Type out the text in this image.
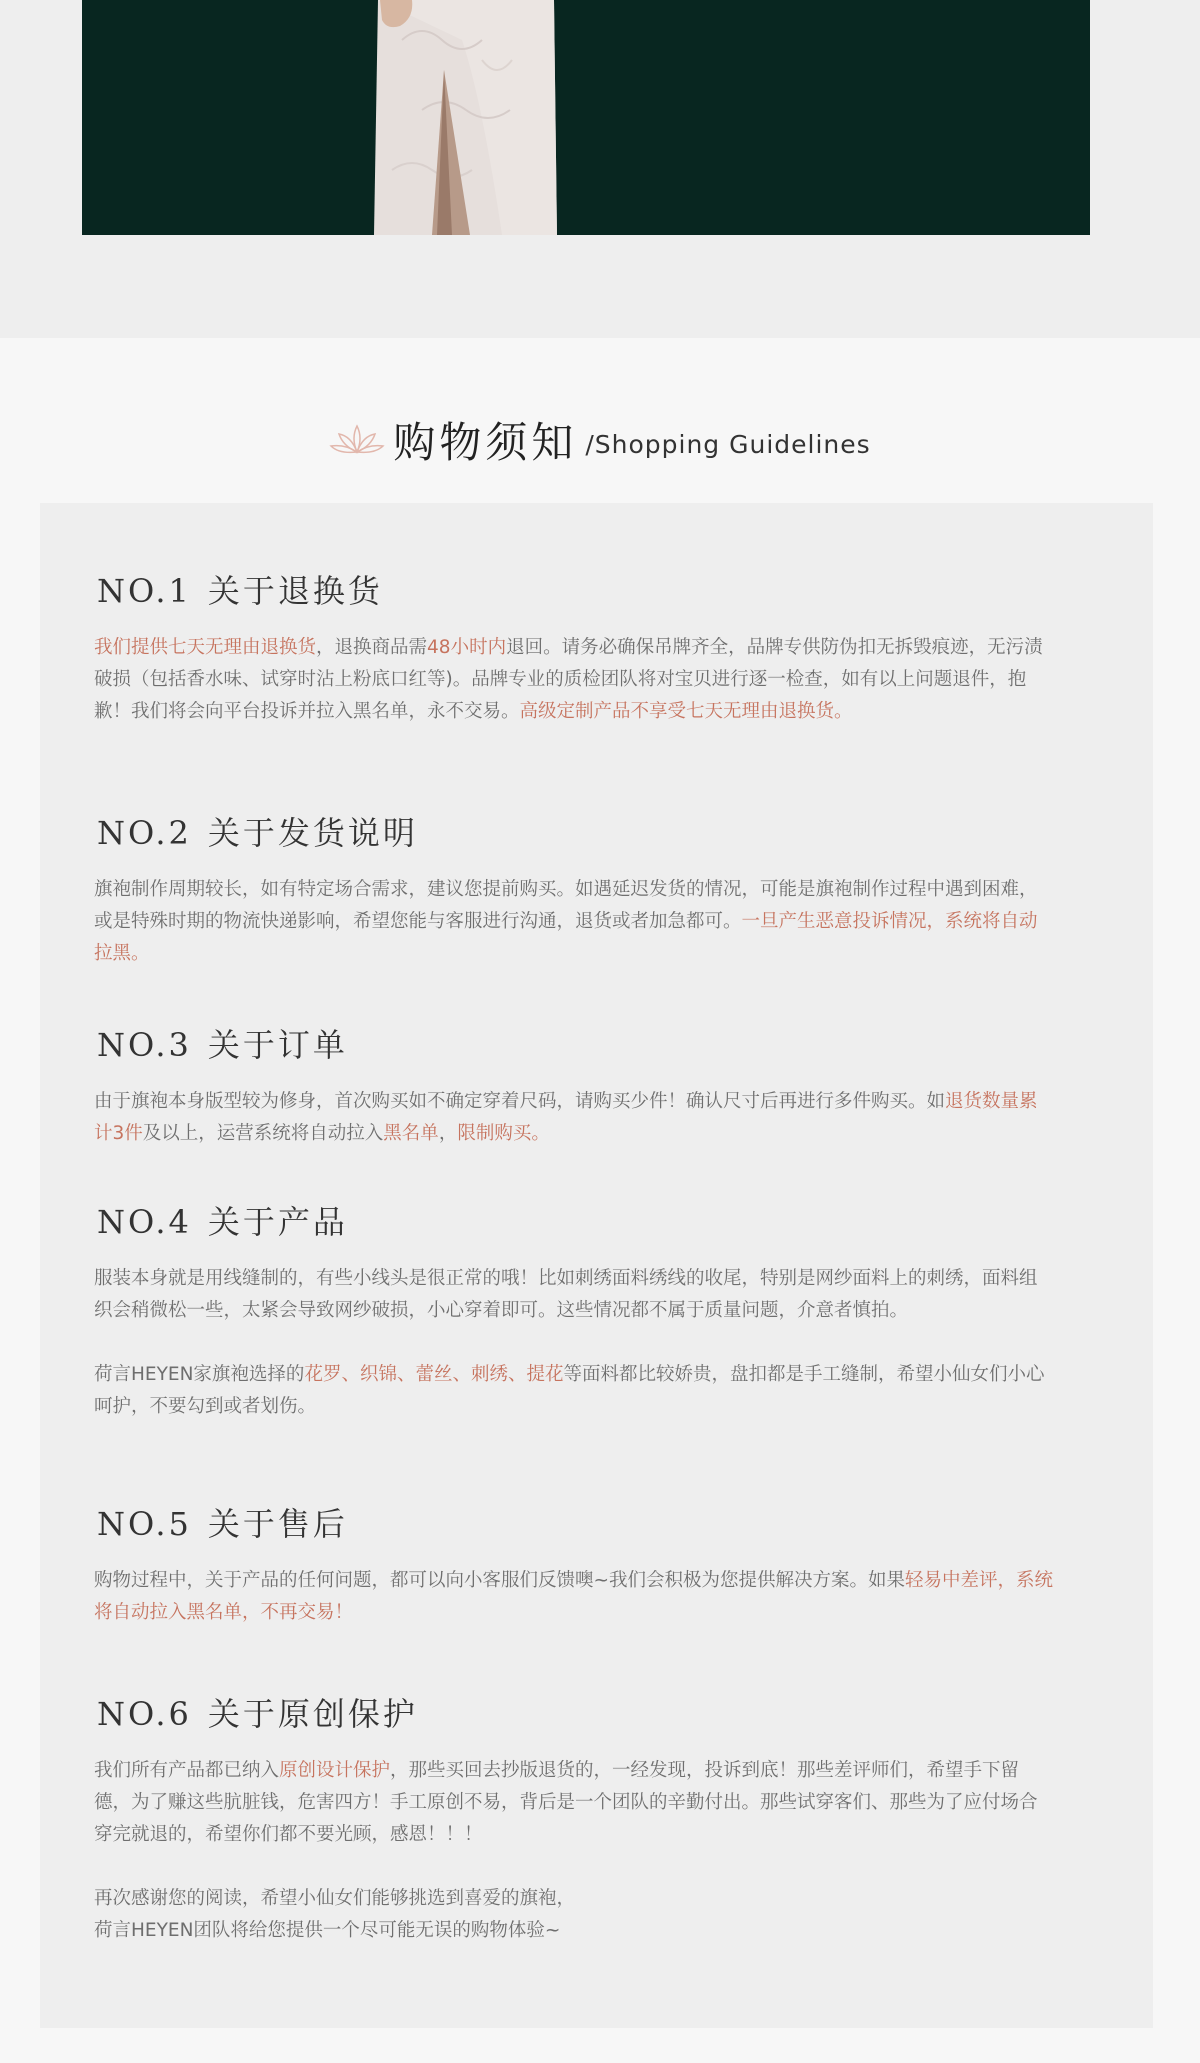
购物须知 /Shopping Guidelines
NO.1 关于退换货

我们提供七天无理由退换货，退换商品需48小时内退回。请务必确保吊牌齐全，品牌专供防伪扣无拆毁痕迹，无污渍破损（包括香水味、试穿时沾上粉底口红等)。品牌专业的质检团队将对宝贝进行逐一检查，如有以上问题退件，抱歉！我们将会向平台投诉并拉入黑名单，永不交易。高级定制产品不享受七天无理由退换货。

NO.2 关于发货说明

旗袍制作周期较长，如有特定场合需求，建议您提前购买。如遇延迟发货的情况，可能是旗袍制作过程中遇到困难，或是特殊时期的物流快递影响，希望您能与客服进行沟通，退货或者加急都可。一旦产生恶意投诉情况，系统将自动拉黑。

NO.3 关于订单

由于旗袍本身版型较为修身，首次购买如不确定穿着尺码，请购买少件！确认尺寸后再进行多件购买。如退货数量累计3件及以上，运营系统将自动拉入黑名单，限制购买。

NO.4 关于产品

服装本身就是用线缝制的，有些小线头是很正常的哦！比如刺绣面料绣线的收尾，特别是网纱面料上的刺绣，面料组织会稍微松一些，太紧会导致网纱破损，小心穿着即可。这些情况都不属于质量问题，介意者慎拍。

荷言HEYEN家旗袍选择的花罗、织锦、蕾丝、刺绣、提花等面料都比较娇贵，盘扣都是手工缝制，希望小仙女们小心呵护，不要勾到或者划伤。

NO.5 关于售后

购物过程中，关于产品的任何问题，都可以向小客服们反馈噢~我们会积极为您提供解决方案。如果轻易中差评，系统将自动拉入黑名单，不再交易！

NO.6 关于原创保护

我们所有产品都已纳入原创设计保护，那些买回去抄版退货的，一经发现，投诉到底！那些差评师们，希望手下留德，为了赚这些肮脏钱，危害四方！手工原创不易，背后是一个团队的辛勤付出。那些试穿客们、那些为了应付场合穿完就退的，希望你们都不要光顾，感恩！！！

再次感谢您的阅读，希望小仙女们能够挑选到喜爱的旗袍，
荷言HEYEN团队将给您提供一个尽可能无误的购物体验~
